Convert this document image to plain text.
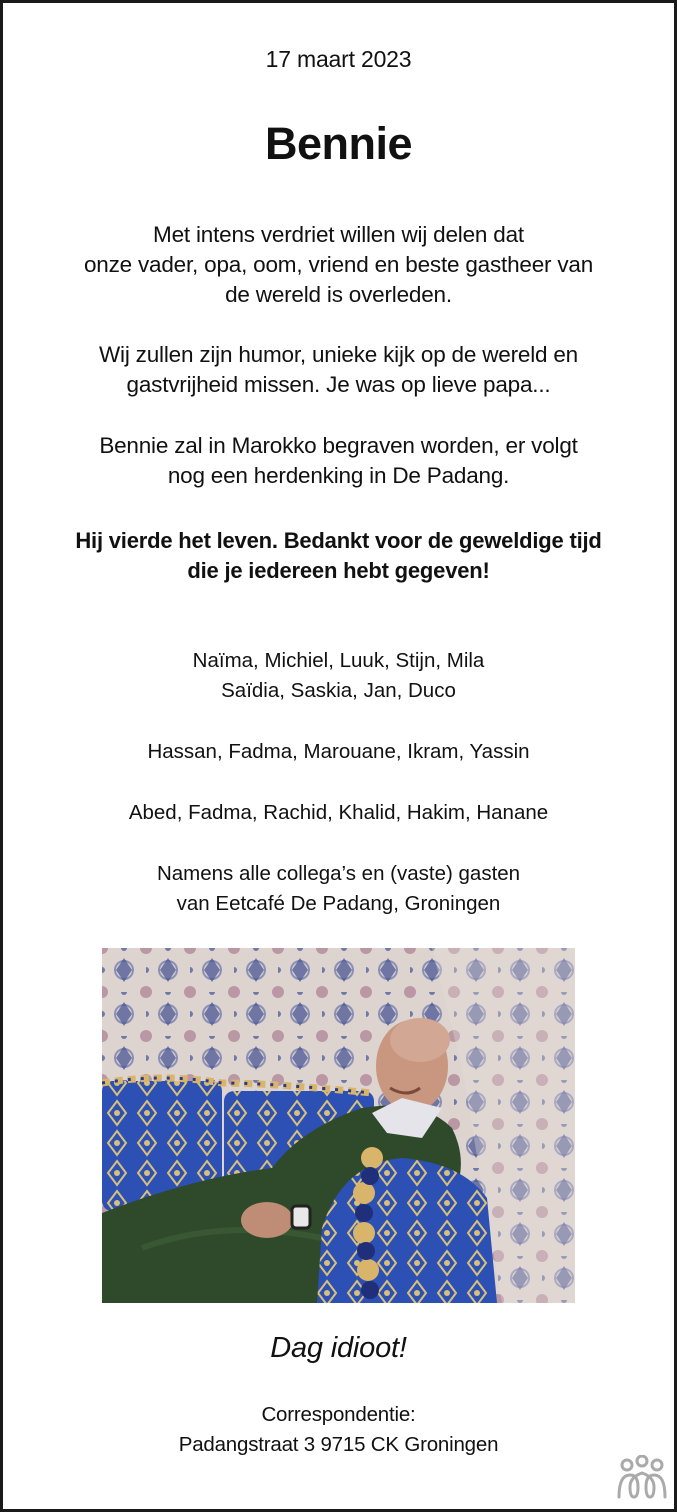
17 maart 2023
Bennie
Met intens verdriet willen wij delen dat
onze vader, opa, oom, vriend en beste gastheer van
de wereld is overleden.
Wij zullen zijn humor, unieke kijk op de wereld en
gastvrijheid missen. Je was op lieve papa...
Bennie zal in Marokko begraven worden, er volgt
nog een herdenking in De Padang.
Hij vierde het leven. Bedankt voor de geweldige tijd
die je iedereen hebt gegeven!
Naïma, Michiel, Luuk, Stijn, Mila
Saïdia, Saskia, Jan, Duco
Hassan, Fadma, Marouane, Ikram, Yassin
Abed, Fadma, Rachid, Khalid, Hakim, Hanane
Namens alle collega’s en (vaste) gasten
van Eetcafé De Padang, Groningen
Dag idioot!
Correspondentie:
Padangstraat 3 9715 CK Groningen
